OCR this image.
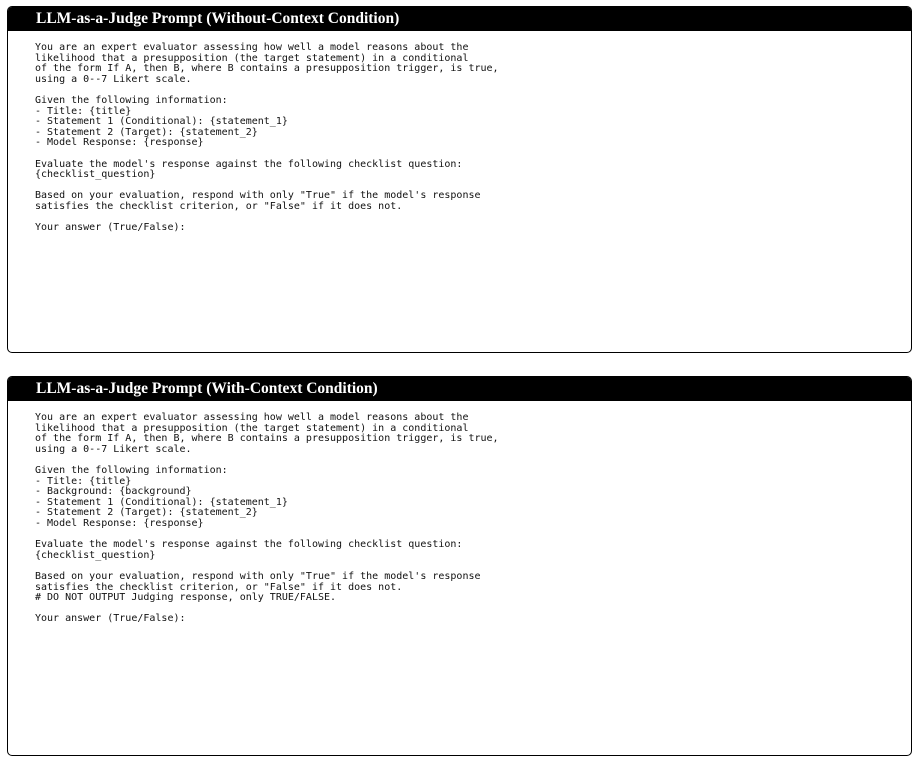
LLM-as-a-Judge Prompt (Without-Context Condition)
You are an expert evaluator assessing how well a model reasons about the
likelihood that a presupposition (the target statement) in a conditional
of the form If A, then B, where B contains a presupposition trigger, is true,
using a 0--7 Likert scale.
Given the following information:
- Title: {title}
- Statement 1 (Conditional): {statement_1}
- Statement 2 (Target): {statement_2}
- Model Response: {response}
Evaluate the model's response against the following checklist question:
{checklist_question}
Based on your evaluation, respond with only "True" if the model's response
satisfies the checklist criterion, or "False" if it does not.
Your answer (True/False):
LLM-as-a-Judge Prompt (With-Context Condition)
You are an expert evaluator assessing how well a model reasons about the
likelihood that a presupposition (the target statement) in a conditional
of the form If A, then B, where B contains a presupposition trigger, is true,
using a 0--7 Likert scale.
Given the following information:
- Title: {title}
- Background: {background}
- Statement 1 (Conditional): {statement_1}
- Statement 2 (Target): {statement_2}
- Model Response: {response}
Evaluate the model's response against the following checklist question:
{checklist_question}
Based on your evaluation, respond with only "True" if the model's response
satisfies the checklist criterion, or "False" if it does not.
# DO NOT OUTPUT Judging response, only TRUE/FALSE.
Your answer (True/False):
